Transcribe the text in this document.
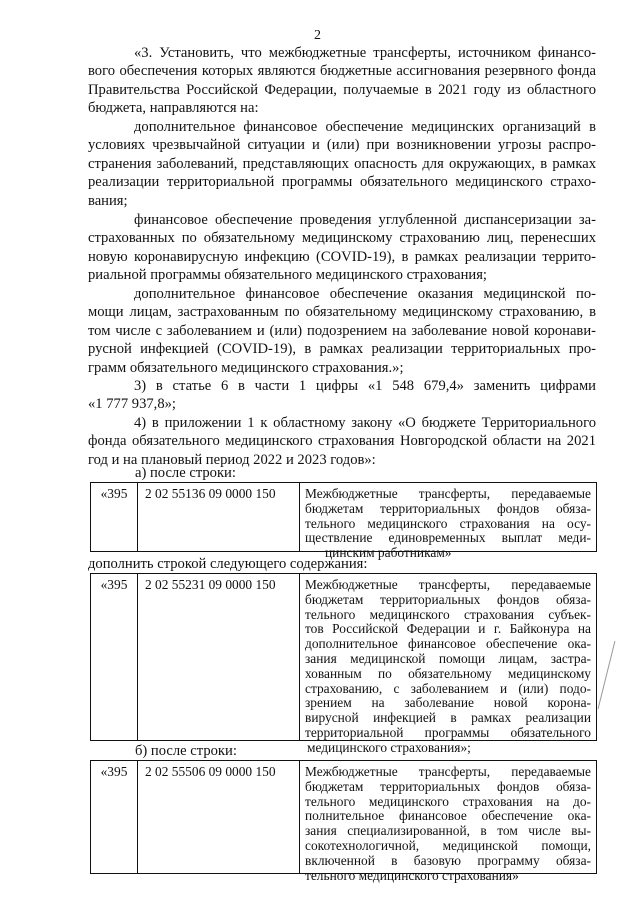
2
«3. Установить, что межбюджетные трансферты, источником финансо-
вого обеспечения которых являются бюджетные ассигнования резервного фонда
Правительства Российской Федерации, получаемые в 2021 году из областного
бюджета, направляются на:
дополнительное финансовое обеспечение медицинских организаций в
условиях чрезвычайной ситуации и (или) при возникновении угрозы распро-
странения заболеваний, представляющих опасность для окружающих, в рамках
реализации территориальной программы обязательного медицинского страхо-
вания;
финансовое обеспечение проведения углубленной диспансеризации за-
страхованных по обязательному медицинскому страхованию лиц, перенесших
новую коронавирусную инфекцию (COVID-19), в рамках реализации террито-
риальной программы обязательного медицинского страхования;
дополнительное финансовое обеспечение оказания медицинской по-
мощи лицам, застрахованным по обязательному медицинскому страхованию, в
том числе с заболеванием и (или) подозрением на заболевание новой коронави-
русной инфекцией (COVID-19), в рамках реализации территориальных про-
грамм обязательного медицинского страхования.»;
3) в статье 6 в части 1 цифры «1 548 679,4» заменить цифрами
«1 777 937,8»;
4) в приложении 1 к областному закону «О бюджете Территориального
фонда обязательного медицинского страхования Новгородской области на 2021
год и на плановый период 2022 и 2023 годов»:
а) после строки:
«395	2 02 55136 09 0000 150	Межбюджетные трансферты, передаваемые
бюджетам территориальных фондов обяза-
тельного медицинского страхования на осу-
ществление единовременных выплат меди-
цинским работникам»
дополнить строкой следующего содержания:
«395	2 02 55231 09 0000 150	Межбюджетные трансферты, передаваемые
бюджетам территориальных фондов обяза-
тельного медицинского страхования субъек-
тов Российской Федерации и г. Байконура на
дополнительное финансовое обеспечение ока-
зания медицинской помощи лицам, застра-
хованным по обязательному медицинскому
страхованию, с заболеванием и (или) подо-
зрением на заболевание новой корона-
вирусной инфекцией в рамках реализации
территориальной программы обязательного
медицинского страхования»;
б) после строки:
«395	2 02 55506 09 0000 150	Межбюджетные трансферты, передаваемые
бюджетам территориальных фондов обяза-
тельного медицинского страхования на до-
полнительное финансовое обеспечение ока-
зания специализированной, в том числе вы-
сокотехнологичной, медицинской помощи,
включенной в базовую программу обяза-
тельного медицинского страхования»
